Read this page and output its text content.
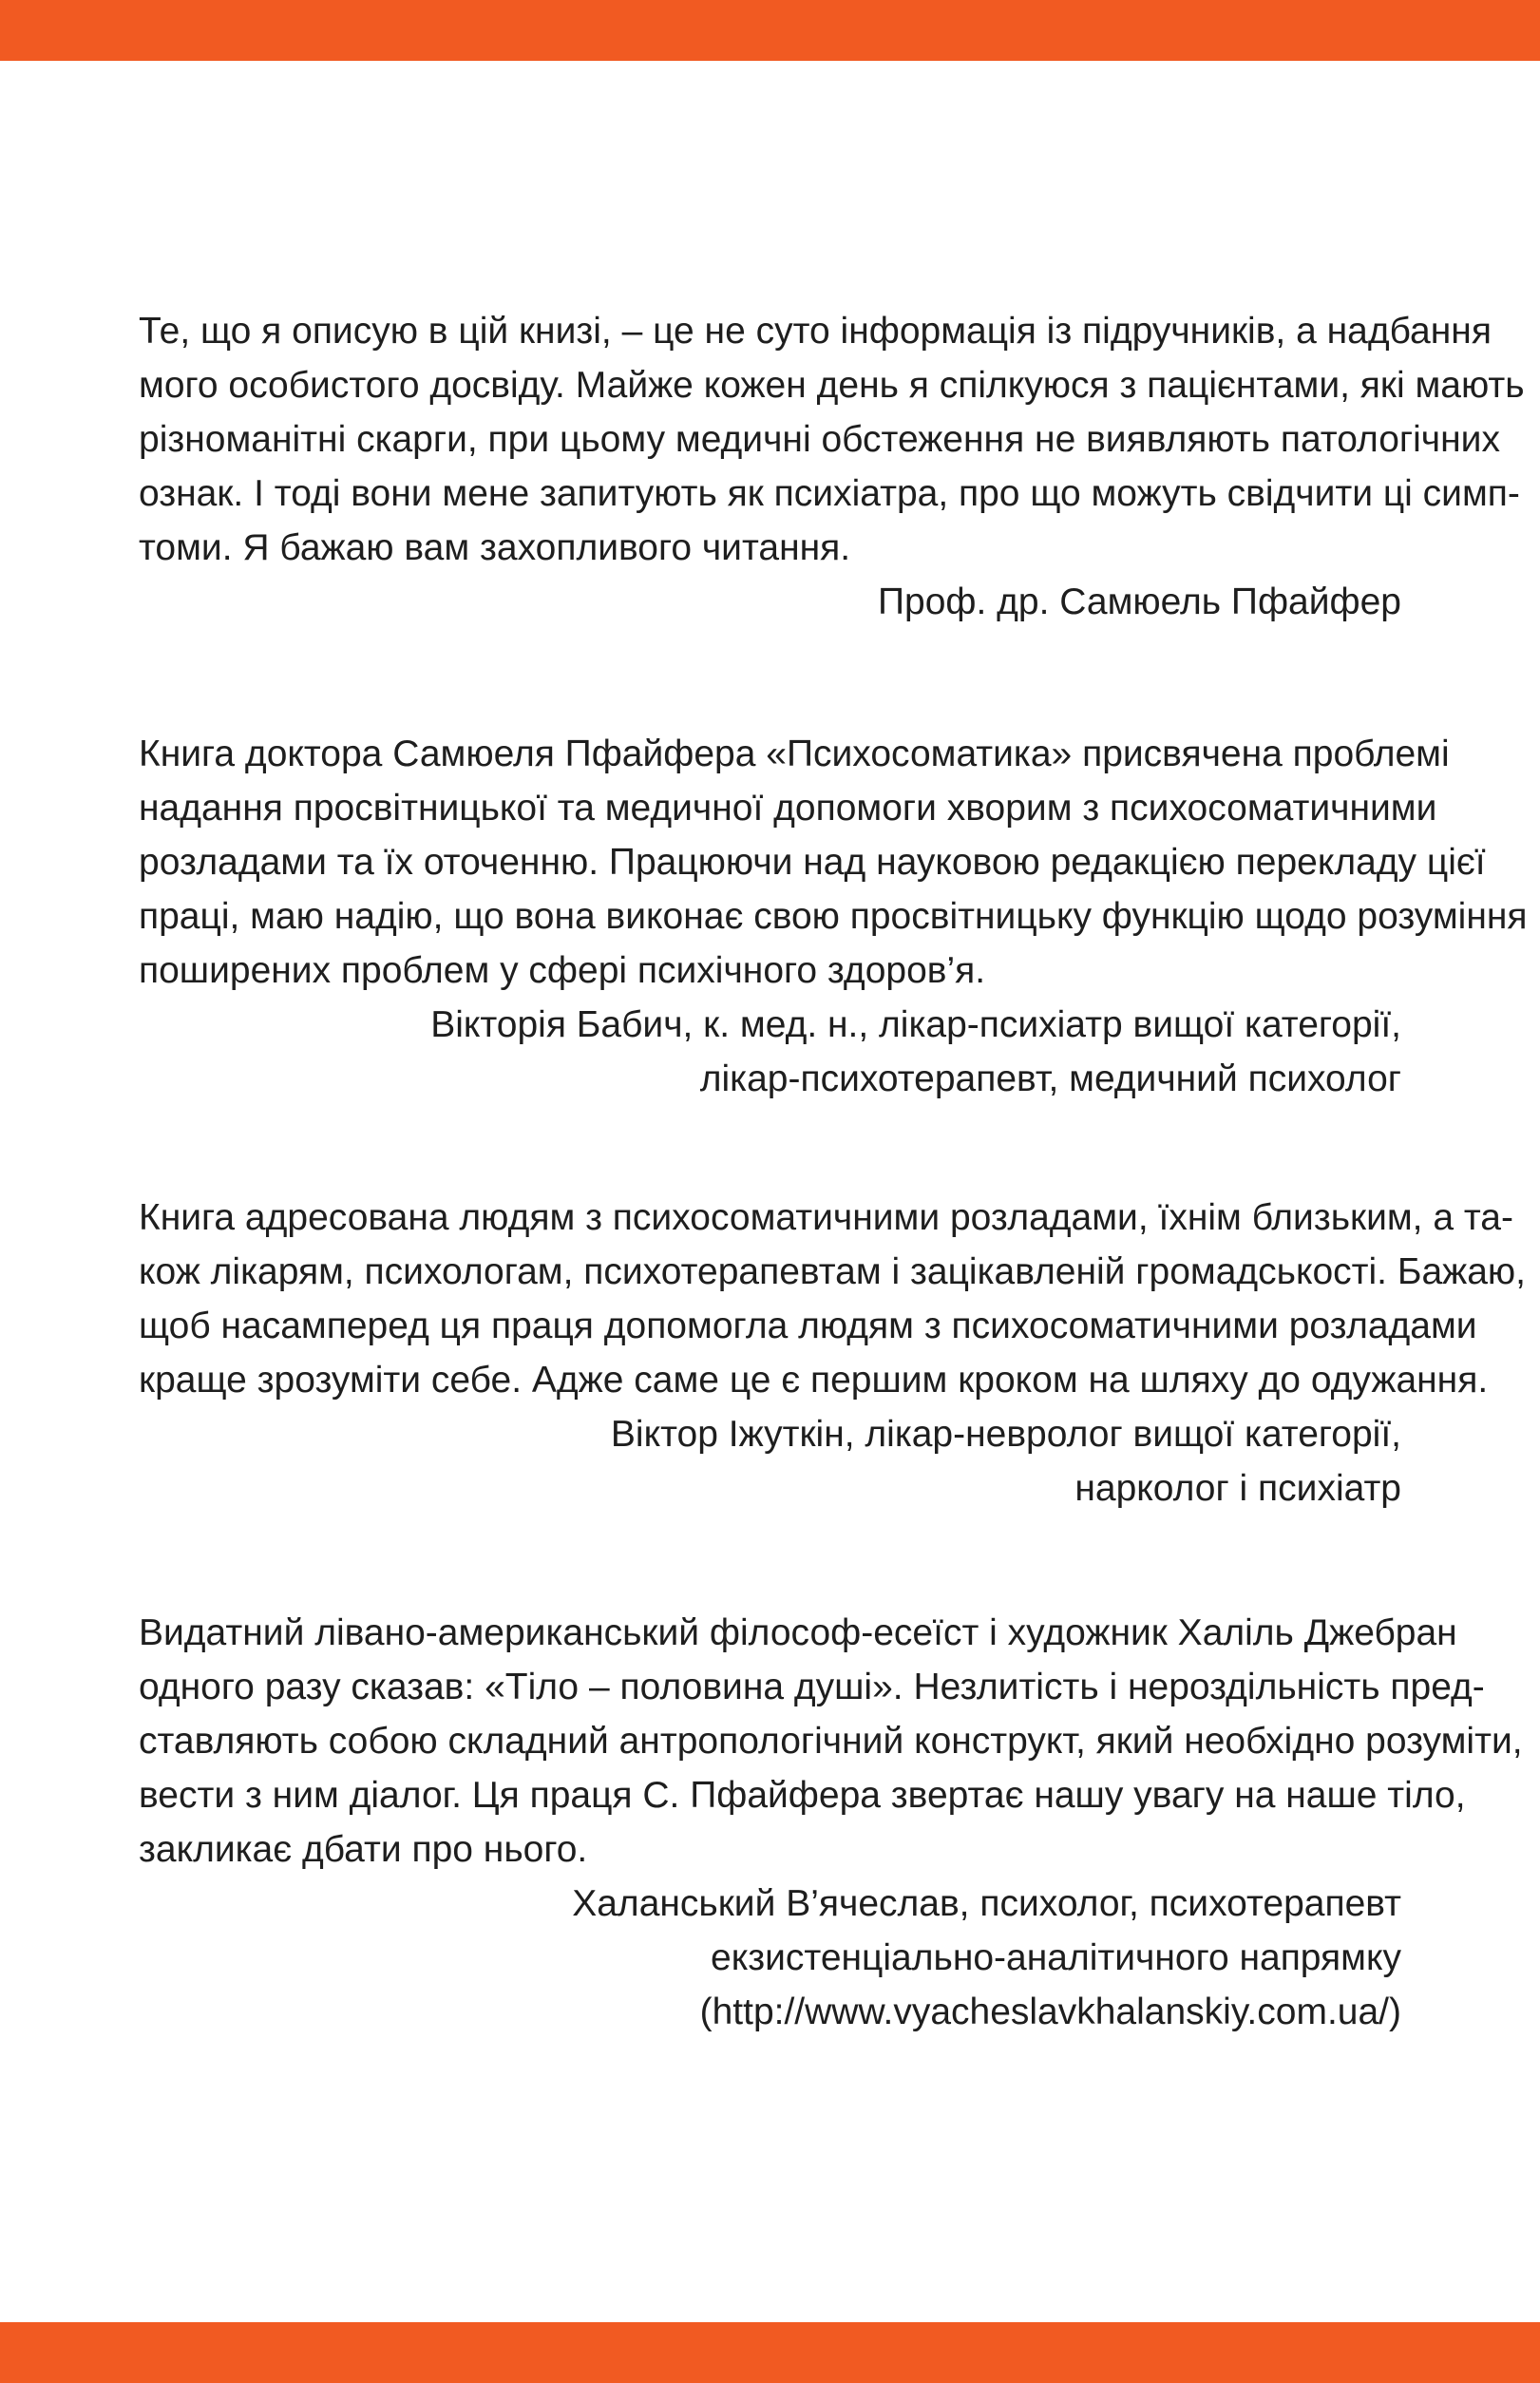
Те, що я описую в цій книзі, – це не суто інформація із підручників, а надбання
мого особистого досвіду. Майже кожен день я спілкуюся з пацієнтами, які мають
різноманітні скарги, при цьому медичні обстеження не виявляють патологічних
ознак. І тоді вони мене запитують як психіатра, про що можуть свідчити ці симп-
томи. Я бажаю вам захопливого читання.

Проф. др. Самюель Пфайфер

Книга доктора Самюеля Пфайфера «Психосоматика» присвячена проблемі
надання просвітницької та медичної допомоги хворим з психосоматичними
розладами та їх оточенню. Працюючи над науковою редакцією перекладу цієї
праці, маю надію, що вона виконає свою просвітницьку функцію щодо розуміння
поширених проблем у сфері психічного здоров’я.

Вікторія Бабич, к. мед. н., лікар-психіатр вищої категорії,
лікар-психотерапевт, медичний психолог

Книга адресована людям з психосоматичними розладами, їхнім близьким, а та-
кож лікарям, психологам, психотерапевтам і зацікавленій громадськості. Бажаю,
щоб насамперед ця праця допомогла людям з психосоматичними розладами
краще зрозуміти себе. Адже саме це є першим кроком на шляху до одужання.

Віктор Іжуткін, лікар-невролог вищої категорії,
нарколог і психіатр

Видатний лівано-американський філософ-есеїст і художник Халіль Джебран
одного разу сказав: «Тіло – половина душі». Незлитість і нероздільність пред-
ставляють собою складний антропологічний конструкт, який необхідно розуміти,
вести з ним діалог. Ця праця С. Пфайфера звертає нашу увагу на наше тіло,
закликає дбати про нього.

Халанський В’ячеслав, психолог, психотерапевт
екзистенціально-аналітичного напрямку
(http://www.vyacheslavkhalanskiy.com.ua/)
